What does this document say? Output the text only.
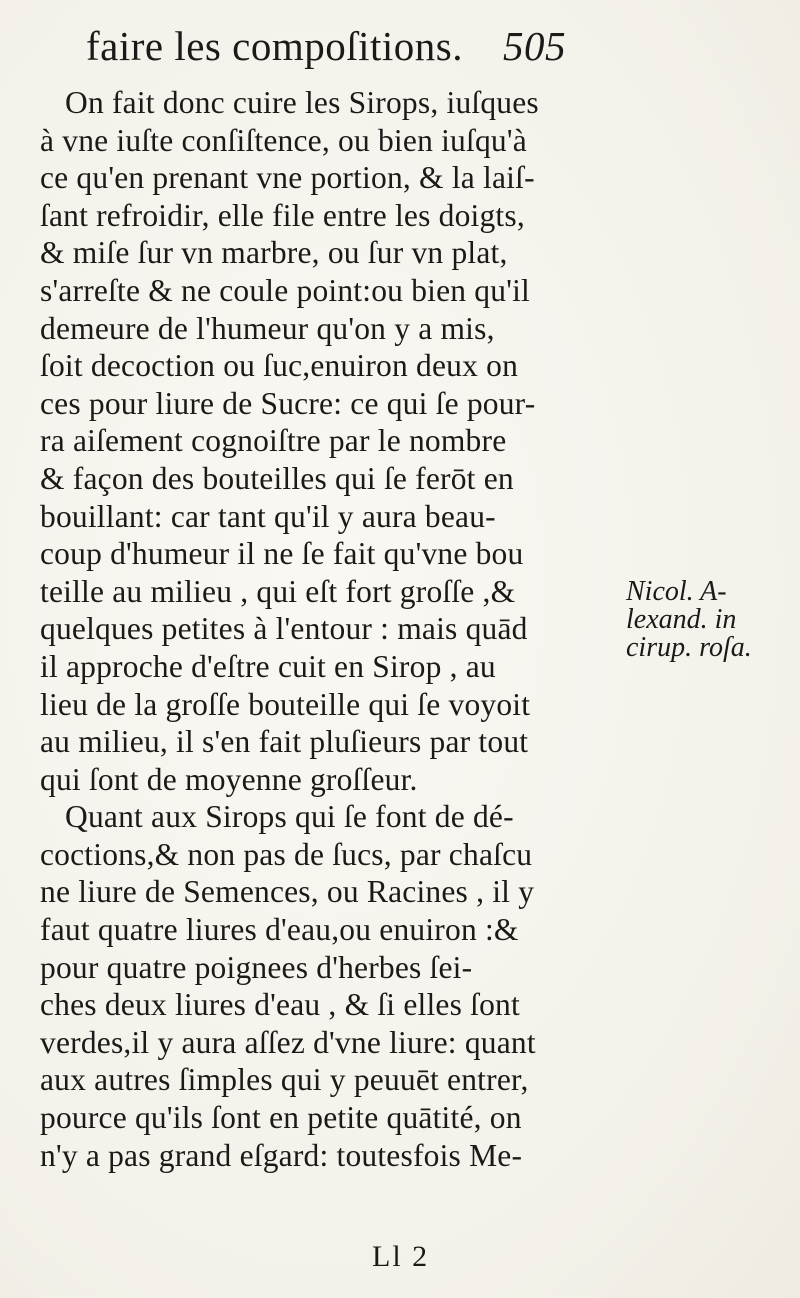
faire les compoſitions. 505
On fait donc cuire les Sirops, iuſques
à vne iuſte conſiſtence, ou bien iuſqu'à
ce qu'en prenant vne portion, & la laiſ-
ſant refroidir, elle file entre les doigts,
& miſe ſur vn marbre, ou ſur vn plat,
s'arreſte & ne coule point:ou bien qu'il
demeure de l'humeur qu'on y a mis,
ſoit decoction ou ſuc,enuiron deux on
ces pour liure de Sucre: ce qui ſe pour-
ra aiſement cognoiſtre par le nombre
& façon des bouteilles qui ſe ferōt en
bouillant: car tant qu'il y aura beau-
coup d'humeur il ne ſe fait qu'vne bou
teille au milieu , qui eſt fort groſſe ,&
quelques petites à l'entour : mais quād
il approche d'eſtre cuit en Sirop , au
lieu de la groſſe bouteille qui ſe voyoit
au milieu, il s'en fait pluſieurs par tout
qui ſont de moyenne groſſeur.
Quant aux Sirops qui ſe font de dé-
coctions,& non pas de ſucs, par chaſcu
ne liure de Semences, ou Racines , il y
faut quatre liures d'eau,ou enuiron :&
pour quatre poignees d'herbes ſei-
ches deux liures d'eau , & ſi elles ſont
verdes,il y aura aſſez d'vne liure: quant
aux autres ſimples qui y peuuēt entrer,
pource qu'ils ſont en petite quātité, on
n'y a pas grand eſgard: toutesfois Me-
Nicol. A-
lexand. in
cirup. roſa.
Ll 2
